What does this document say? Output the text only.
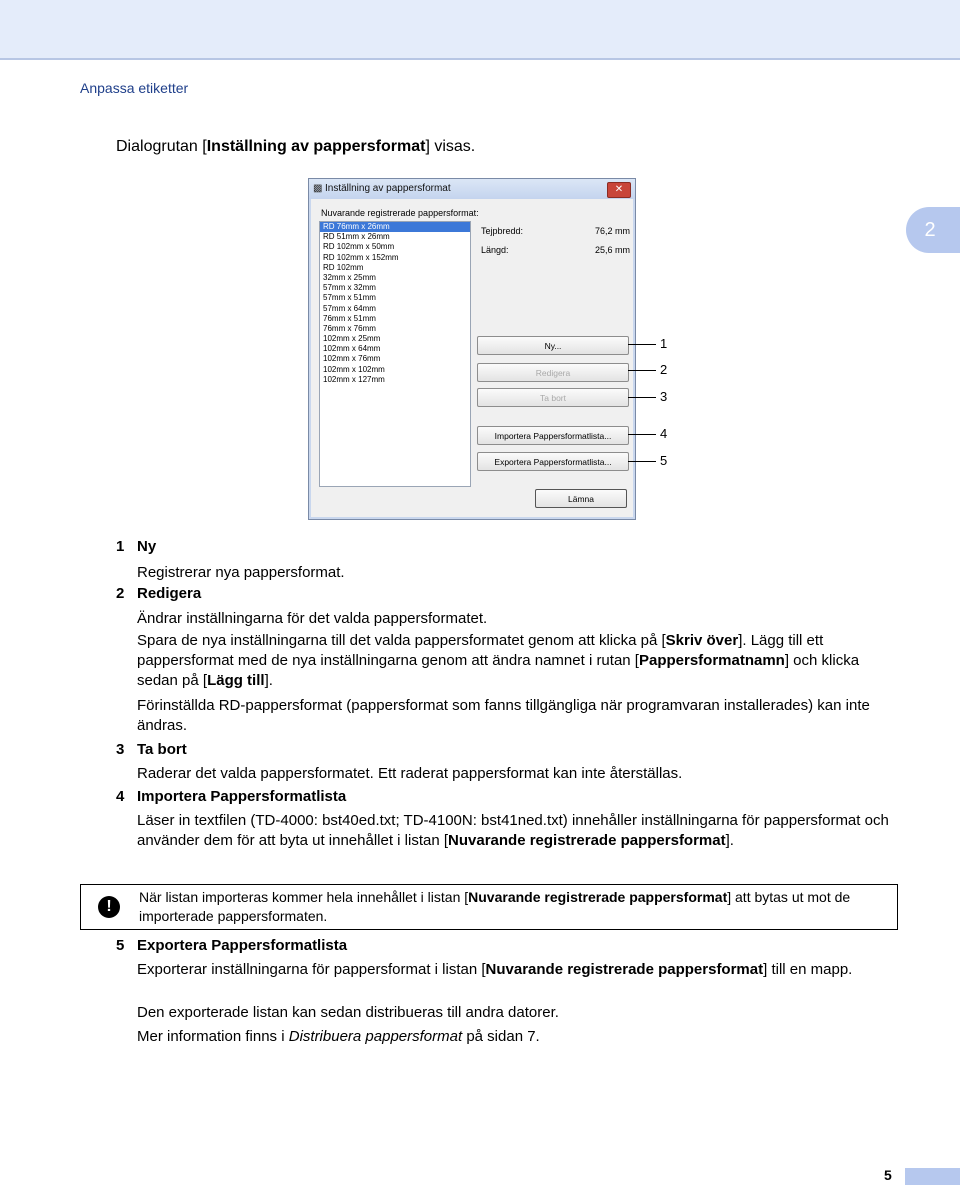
Anpassa etiketter
2
Dialogrutan [Inställning av pappersformat] visas.
▩ Inställning av pappersformat	✕
Nuvarande registrerade pappersformat:
RD 76mm x 26mm
RD 51mm x 26mm
RD 102mm x 50mm
RD 102mm x 152mm
RD 102mm
32mm x 25mm
57mm x 32mm
57mm x 51mm
57mm x 64mm
76mm x 51mm
76mm x 76mm
102mm x 25mm
102mm x 64mm
102mm x 76mm
102mm x 102mm
102mm x 127mm
Tejpbredd:	76,2 mm
Längd:	25,6 mm
Ny...
Redigera
Ta bort
Importera Pappersformatlista...
Exportera Pappersformatlista...
Lämna
1
2
3
4
5
1 Ny
Registrerar nya pappersformat.
2 Redigera
Ändrar inställningarna för det valda pappersformatet.
Spara de nya inställningarna till det valda pappersformatet genom att klicka på [Skriv över]. Lägg till ett pappersformat med de nya inställningarna genom att ändra namnet i rutan [Pappersformatnamn] och klicka sedan på [Lägg till].
Förinställda RD-pappersformat (pappersformat som fanns tillgängliga när programvaran installerades) kan inte ändras.
3 Ta bort
Raderar det valda pappersformatet. Ett raderat pappersformat kan inte återställas.
4 Importera Pappersformatlista
Läser in textfilen (TD-4000: bst40ed.txt; TD-4100N: bst41ned.txt) innehåller inställningarna för pappersformat och använder dem för att byta ut innehållet i listan [Nuvarande registrerade pappersformat].
!
När listan importeras kommer hela innehållet i listan [Nuvarande registrerade pappersformat] att bytas ut mot de importerade pappersformaten.
5 Exportera Pappersformatlista
Exporterar inställningarna för pappersformat i listan [Nuvarande registrerade pappersformat] till en mapp.
Den exporterade listan kan sedan distribueras till andra datorer.
Mer information finns i Distribuera pappersformat på sidan 7.
5
